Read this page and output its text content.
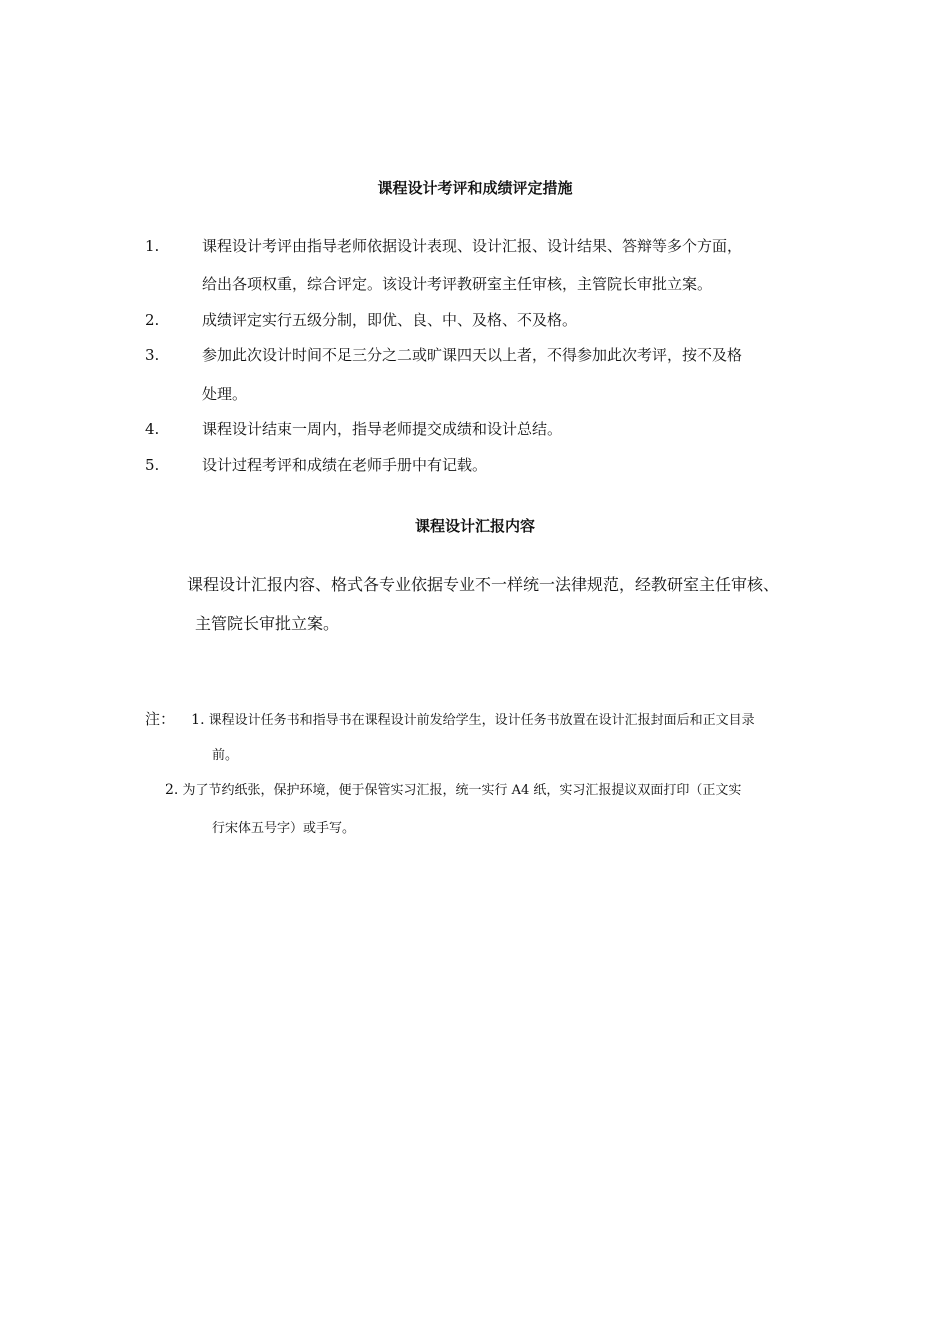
课程设计考评和成绩评定措施
1.	课程设计考评由指导老师依据设计表现、设计汇报、设计结果、答辩等多个方面，
给出各项权重，综合评定。该设计考评教研室主任审核，主管院长审批立案。
2.	成绩评定实行五级分制，即优、良、中、及格、不及格。
3.	参加此次设计时间不足三分之二或旷课四天以上者，不得参加此次考评，按不及格
处理。
4.	课程设计结束一周内，指导老师提交成绩和设计总结。
5.	设计过程考评和成绩在老师手册中有记载。
课程设计汇报内容
课程设计汇报内容、格式各专业依据专业不一样统一法律规范，经教研室主任审核、
主管院长审批立案。
注： 1. 课程设计任务书和指导书在课程设计前发给学生，设计任务书放置在设计汇报封面后和正文目录
前。
2. 为了节约纸张，保护环境，便于保管实习汇报，统一实行 A4 纸，实习汇报提议双面打印（正文实
行宋体五号字）或手写。
